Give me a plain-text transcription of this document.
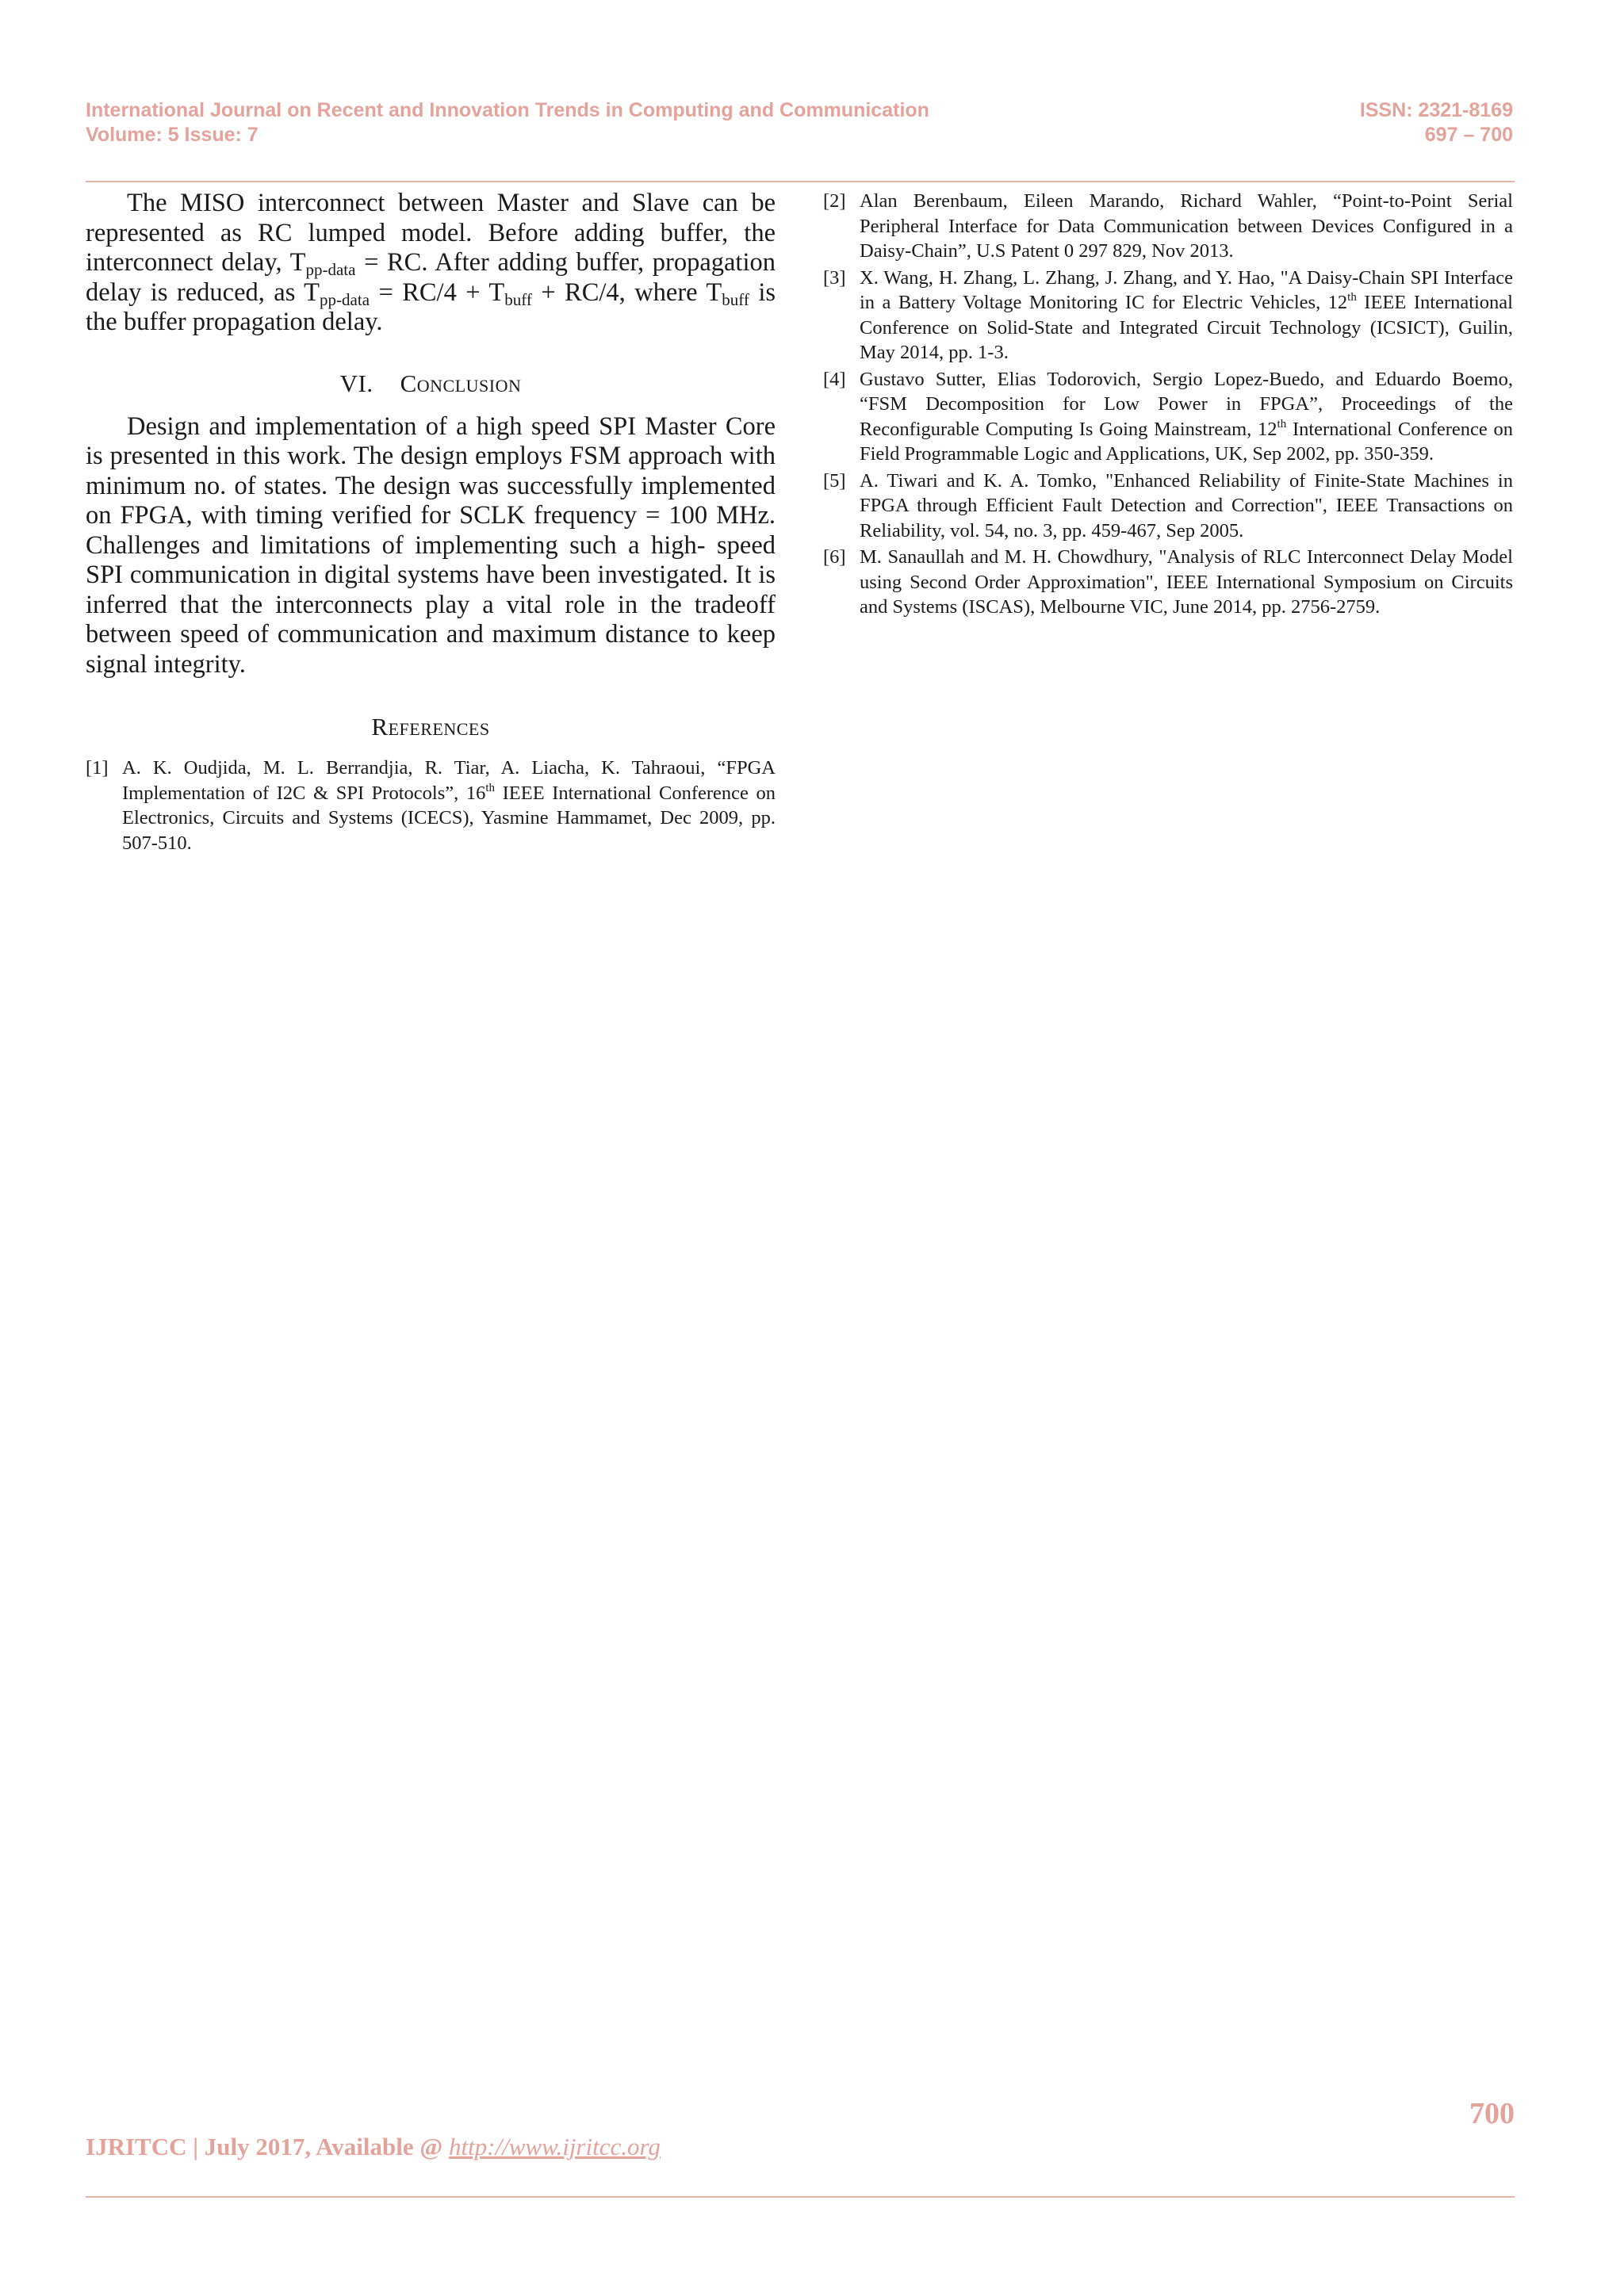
International Journal on Recent and Innovation Trends in Computing and Communication
Volume: 5 Issue: 7
ISSN: 2321-8169
697 – 700

The MISO interconnect between Master and Slave can be represented as RC lumped model. Before adding buffer, the interconnect delay, $T_{pp-data}$ = RC. After adding buffer, propagation delay is reduced, as $T_{pp-data} = RC/4 + T_{buff} + RC/4$, where $T_{buff}$ is the buffer propagation delay.

VI. Conclusion

Design and implementation of a high speed SPI Master Core is presented in this work. The design employs FSM approach with minimum no. of states. The design was successfully implemented on FPGA, with timing verified for SCLK frequency = 100 MHz. Challenges and limitations of implementing such a high- speed SPI communication in digital systems have been investigated. It is inferred that the interconnects play a vital role in the tradeoff between speed of communication and maximum distance to keep signal integrity.

References
[1] A. K. Oudjida, M. L. Berrandjia, R. Tiar, A. Liacha, K. Tahraoui, “FPGA Implementation of I2C & SPI Protocols”, 16th IEEE International Conference on Electronics, Circuits and Systems (ICECS), Yasmine Hammamet, Dec 2009, pp. 507-510.
[2] Alan Berenbaum, Eileen Marando, Richard Wahler, “Point-to-Point Serial Peripheral Interface for Data Communication between Devices Configured in a Daisy-Chain”, U.S Patent 0 297 829, Nov 2013.
[3] X. Wang, H. Zhang, L. Zhang, J. Zhang, and Y. Hao, "A Daisy-Chain SPI Interface in a Battery Voltage Monitoring IC for Electric Vehicles, 12th IEEE International Conference on Solid-State and Integrated Circuit Technology (ICSICT), Guilin, May 2014, pp. 1-3.
[4] Gustavo Sutter, Elias Todorovich, Sergio Lopez-Buedo, and Eduardo Boemo, “FSM Decomposition for Low Power in FPGA”, Proceedings of the Reconfigurable Computing Is Going Mainstream, 12th International Conference on Field Programmable Logic and Applications, UK, Sep 2002, pp. 350-359.
[5] A. Tiwari and K. A. Tomko, "Enhanced Reliability of Finite-State Machines in FPGA through Efficient Fault Detection and Correction", IEEE Transactions on Reliability, vol. 54, no. 3, pp. 459-467, Sep 2005.
[6] M. Sanaullah and M. H. Chowdhury, "Analysis of RLC Interconnect Delay Model using Second Order Approximation", IEEE International Symposium on Circuits and Systems (ISCAS), Melbourne VIC, June 2014, pp. 2756-2759.
700
IJRITCC | July 2017, Available @ http://www.ijritcc.org
